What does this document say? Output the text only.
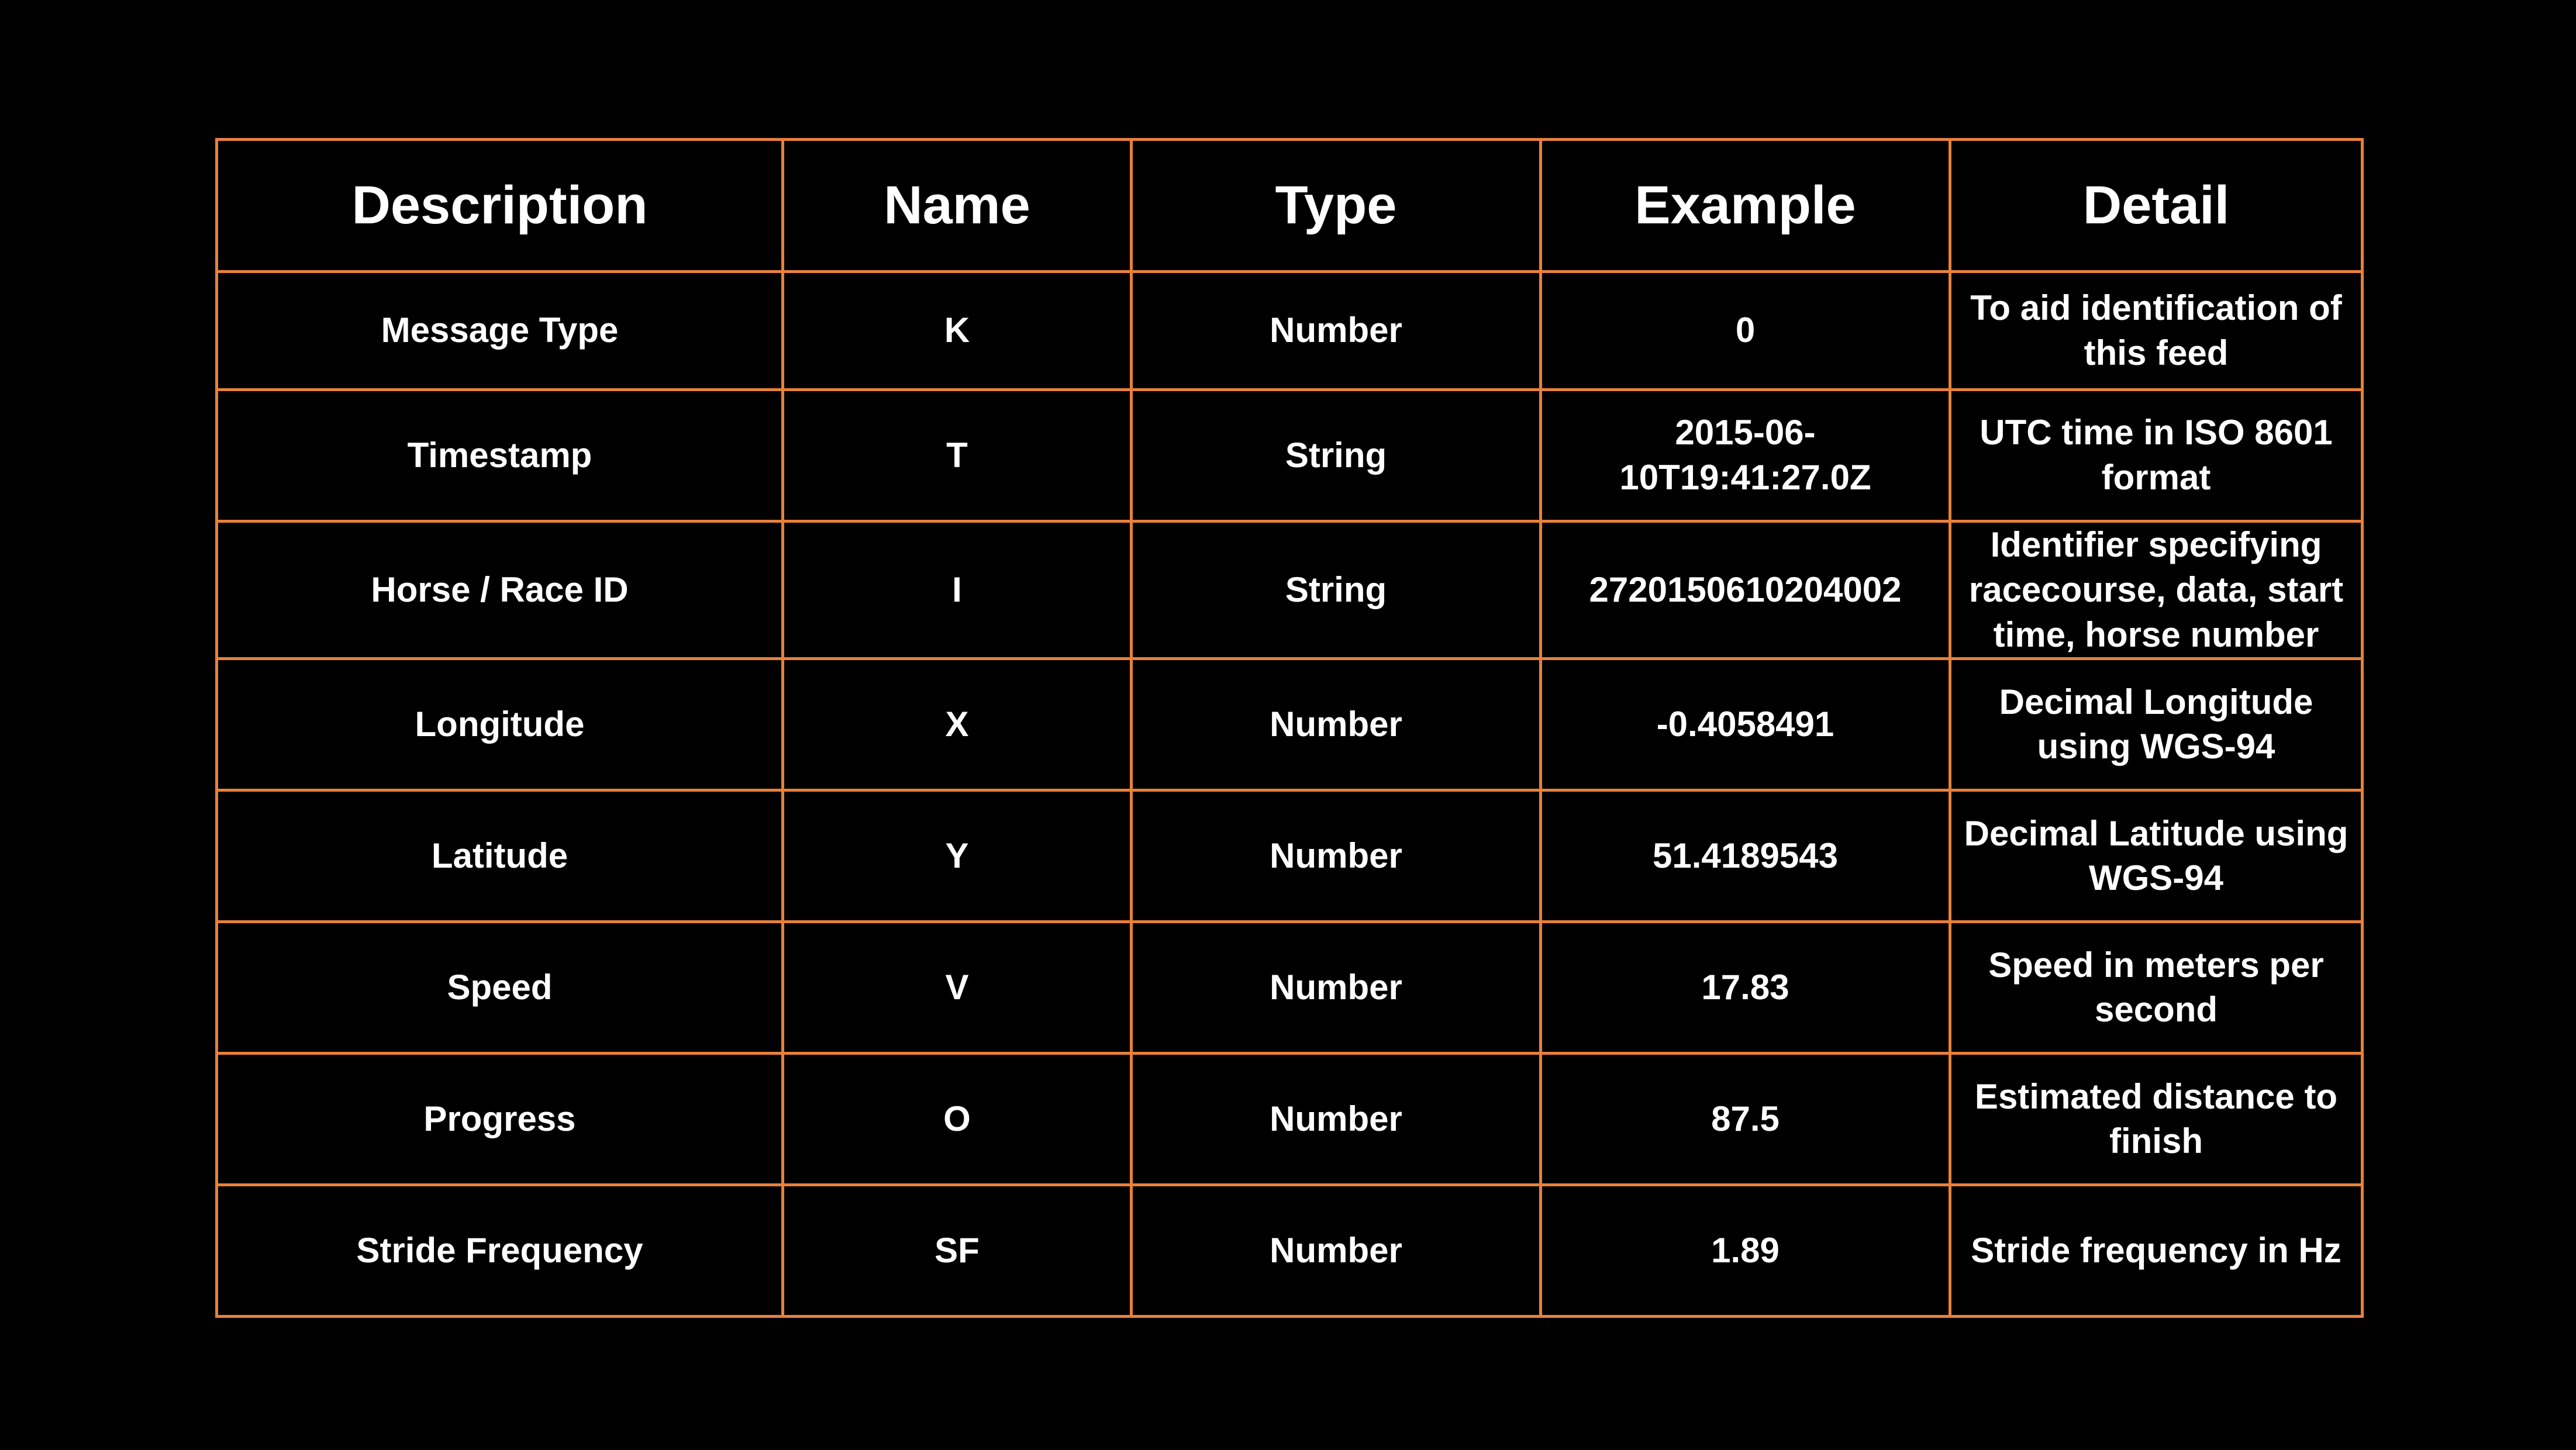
Description	Name	Type	Example	Detail
Message Type	K	Number	0	To aid identification of this feed
Timestamp	T	String	2015-06-10T19:41:27.0Z	UTC time in ISO 8601 format
Horse / Race ID	I	String	2720150610204002	Identifier specifying racecourse, data, start time, horse number
Longitude	X	Number	-0.4058491	Decimal Longitude using WGS-94
Latitude	Y	Number	51.4189543	Decimal Latitude using WGS-94
Speed	V	Number	17.83	Speed in meters per second
Progress	O	Number	87.5	Estimated distance to finish
Stride Frequency	SF	Number	1.89	Stride frequency in Hz
